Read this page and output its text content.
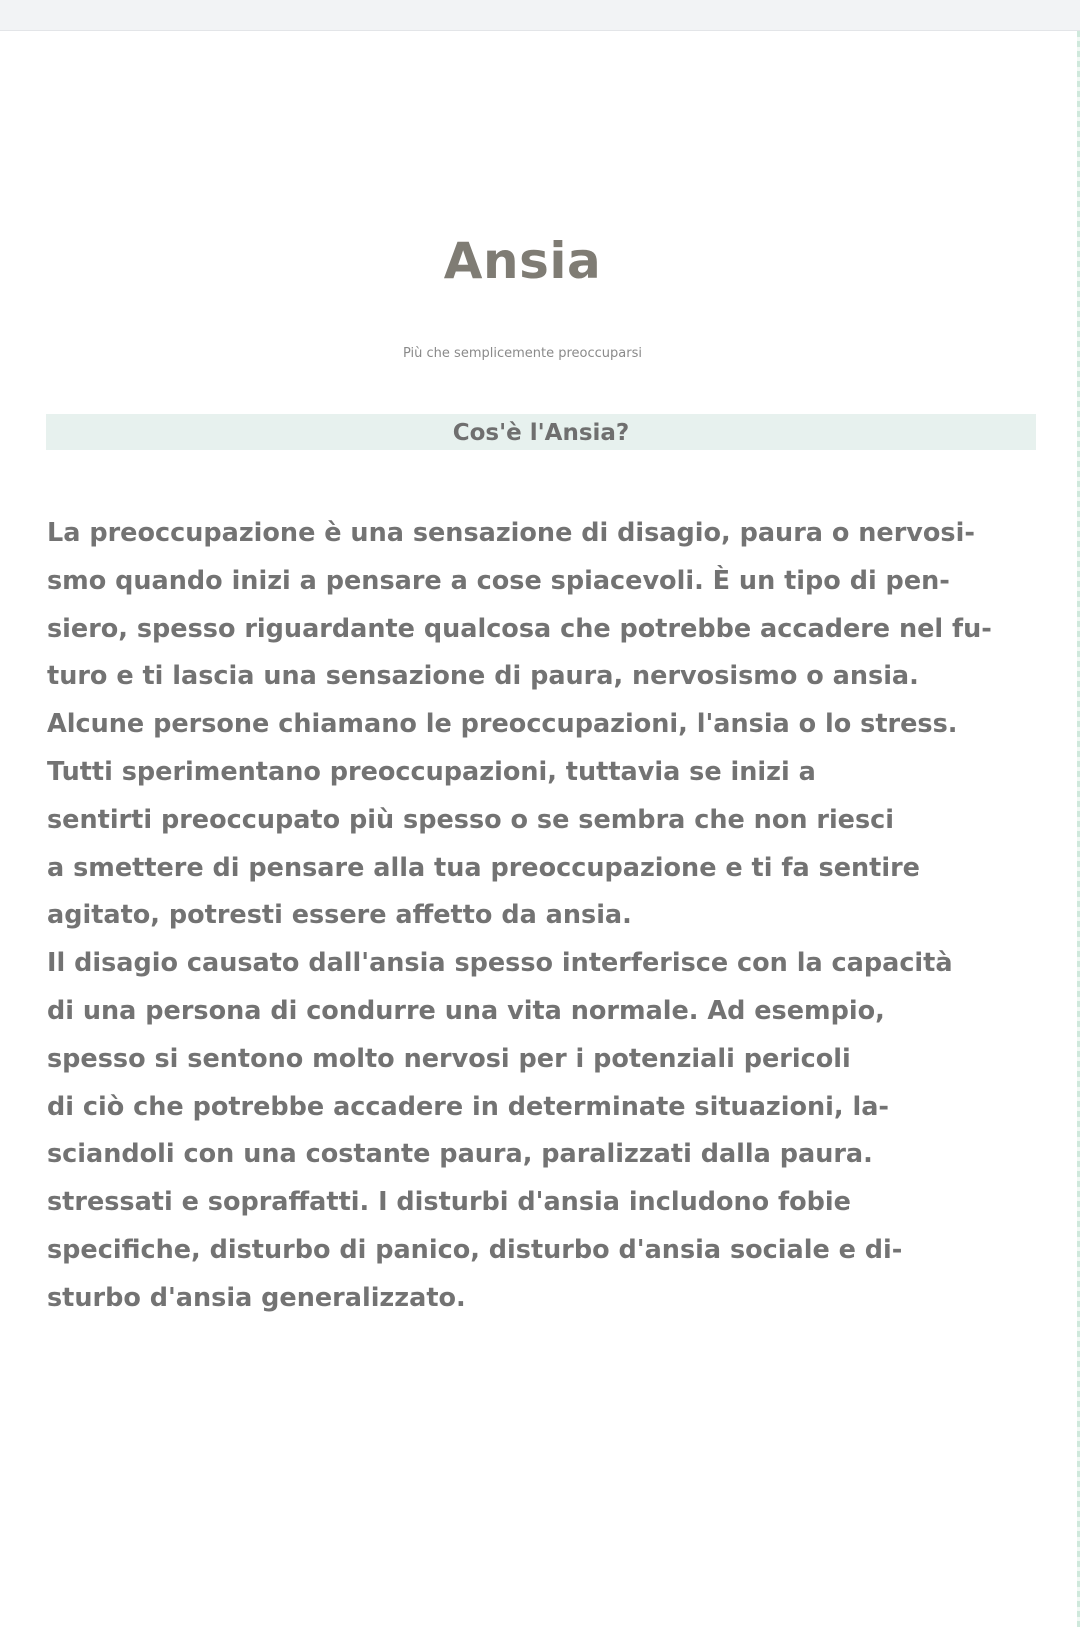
Ansia

Più che semplicemente preoccuparsi

Cos'è l'Ansia?
La preoccupazione è una sensazione di disagio, paura o nervosi-
smo quando inizi a pensare a cose spiacevoli. È un tipo di pen-
siero, spesso riguardante qualcosa che potrebbe accadere nel fu-
turo e ti lascia una sensazione di paura, nervosismo o ansia.
Alcune persone chiamano le preoccupazioni, l'ansia o lo stress.
Tutti sperimentano preoccupazioni, tuttavia se inizi a
sentirti preoccupato più spesso o se sembra che non riesci
a smettere di pensare alla tua preoccupazione e ti fa sentire
agitato, potresti essere affetto da ansia.
Il disagio causato dall'ansia spesso interferisce con la capacità
di una persona di condurre una vita normale. Ad esempio,
spesso si sentono molto nervosi per i potenziali pericoli
di ciò che potrebbe accadere in determinate situazioni, la-
sciandoli con una costante paura, paralizzati dalla paura.
stressati e sopraffatti. I disturbi d'ansia includono fobie
specifiche, disturbo di panico, disturbo d'ansia sociale e di-
sturbo d'ansia generalizzato.
